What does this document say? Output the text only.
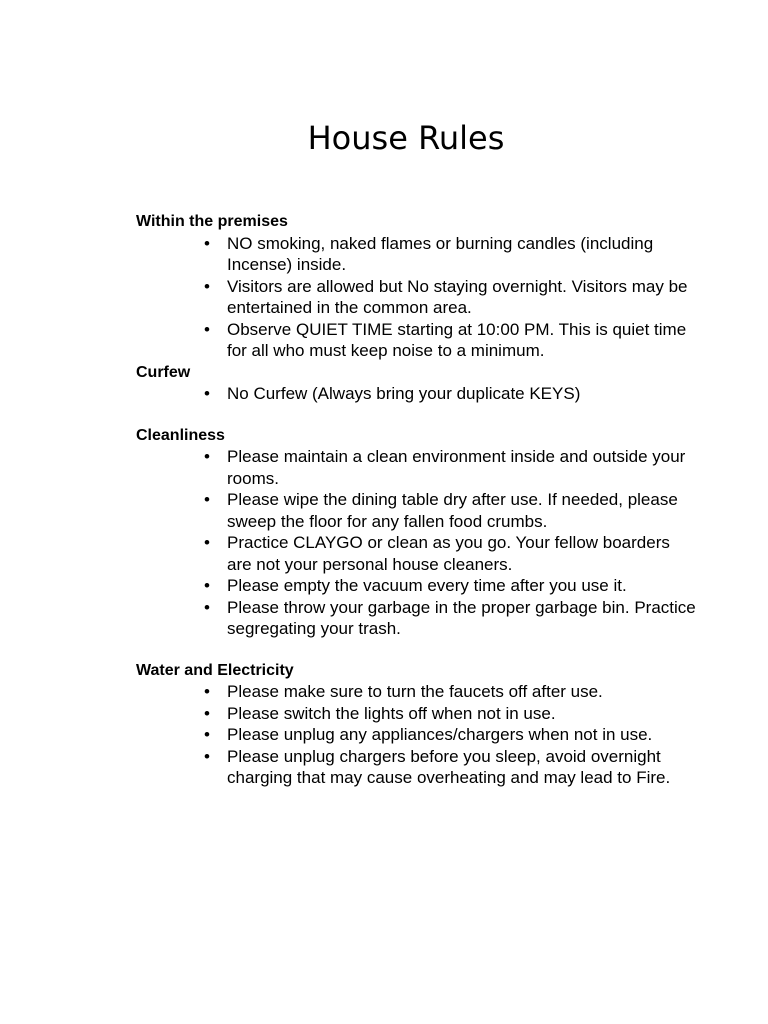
House Rules

Within the premises

• NO smoking, naked flames or burning candles (including Incense) inside.
• Visitors are allowed but No staying overnight. Visitors may be entertained in the common area.
• Observe QUIET TIME starting at 10:00 PM. This is quiet time for all who must keep noise to a minimum.

Curfew

• No Curfew (Always bring your duplicate KEYS)

Cleanliness

• Please maintain a clean environment inside and outside your rooms.
• Please wipe the dining table dry after use. If needed, please sweep the floor for any fallen food crumbs.
• Practice CLAYGO or clean as you go. Your fellow boarders are not your personal house cleaners.
• Please empty the vacuum every time after you use it.
• Please throw your garbage in the proper garbage bin. Practice segregating your trash.

Water and Electricity

• Please make sure to turn the faucets off after use.
• Please switch the lights off when not in use.
• Please unplug any appliances/chargers when not in use.
• Please unplug chargers before you sleep, avoid overnight charging that may cause overheating and may lead to Fire.
